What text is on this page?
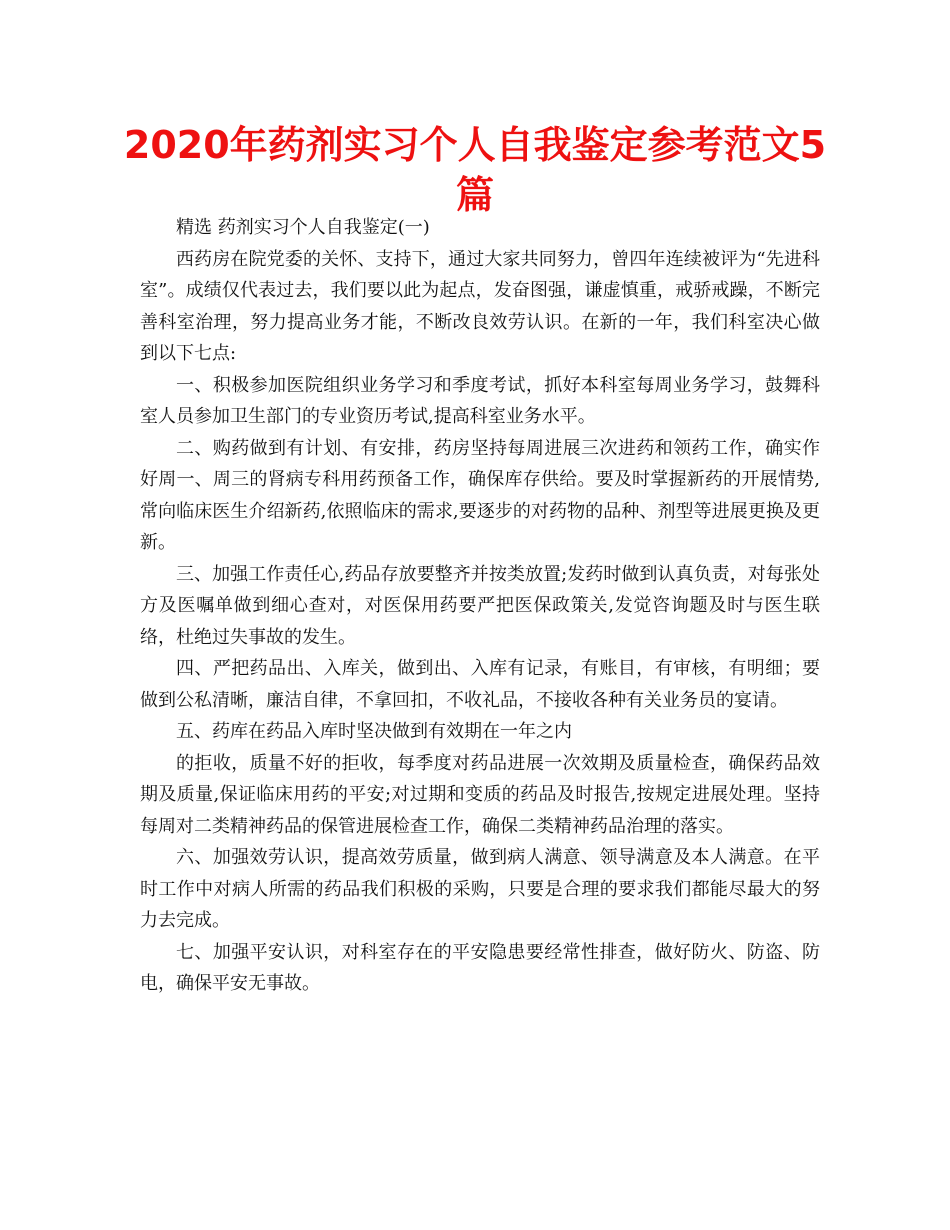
2020年药剂实习个人自我鉴定参考范文5篇

精选 药剂实习个人自我鉴定(一)

西药房在院党委的关怀、支持下，通过大家共同努力，曾四年连续被评为“先进科室”。成绩仅代表过去，我们要以此为起点，发奋图强，谦虚慎重，戒骄戒躁，不断完善科室治理，努力提高业务才能，不断改良效劳认识。在新的一年，我们科室决心做到以下七点:

一、积极参加医院组织业务学习和季度考试，抓好本科室每周业务学习，鼓舞科室人员参加卫生部门的专业资历考试,提高科室业务水平。

二、购药做到有计划、有安排，药房坚持每周进展三次进药和领药工作，确实作好周一、周三的肾病专科用药预备工作，确保库存供给。要及时掌握新药的开展情势,常向临床医生介绍新药,依照临床的需求,要逐步的对药物的品种、剂型等进展更换及更新。

三、加强工作责任心,药品存放要整齐并按类放置;发药时做到认真负责，对每张处方及医嘱单做到细心查对，对医保用药要严把医保政策关,发觉咨询题及时与医生联络，杜绝过失事故的发生。

四、严把药品出、入库关，做到出、入库有记录，有账目，有审核，有明细；要做到公私清晰，廉洁自律，不拿回扣，不收礼品，不接收各种有关业务员的宴请。

五、药库在药品入库时坚决做到有效期在一年之内

的拒收，质量不好的拒收，每季度对药品进展一次效期及质量检查，确保药品效期及质量,保证临床用药的平安;对过期和变质的药品及时报告,按规定进展处理。坚持每周对二类精神药品的保管进展检查工作，确保二类精神药品治理的落实。

六、加强效劳认识，提高效劳质量，做到病人满意、领导满意及本人满意。在平时工作中对病人所需的药品我们积极的采购，只要是合理的要求我们都能尽最大的努力去完成。

七、加强平安认识，对科室存在的平安隐患要经常性排查，做好防火、防盗、防电，确保平安无事故。
